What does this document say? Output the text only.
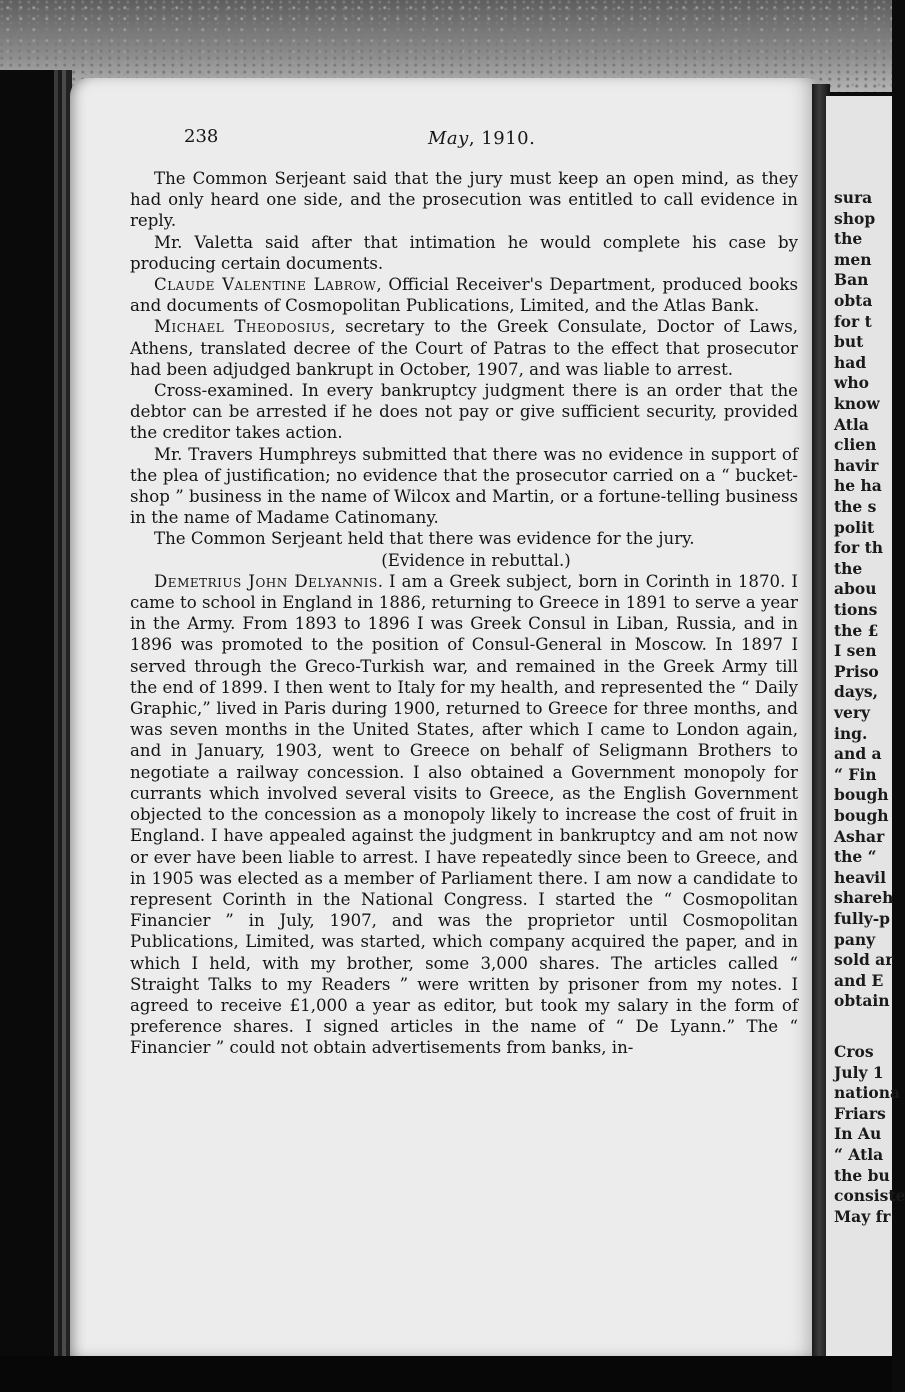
sura
shop
the
men
Ban
obta
for t
but
had
who
know
Atla
clien
havir
he ha
the s
polit
for th
the
abou
tions
the £
I sen
Priso
days,
very
ing.
and a
“ Fin
bough
bough
Ashar
the “
heavil
shareh
fully-p
pany
sold ar
and E
obtain
Cros
July 1
nationa
Friars
In Au
“ Atla
the bu
consiste
May fr
238	May, 1910.

The Common Serjeant said that the jury must keep an open mind, as they had only heard one side, and the prosecution was entitled to call evidence in reply.

Mr. Valetta said after that intimation he would complete his case by producing certain documents.

Claude Valentine Labrow, Official Receiver's Department, produced books and documents of Cosmopolitan Publications, Limited, and the Atlas Bank.

Michael Theodosius, secretary to the Greek Consulate, Doctor of Laws, Athens, translated decree of the Court of Patras to the effect that prosecutor had been adjudged bankrupt in October, 1907, and was liable to arrest.

Cross-examined. In every bankruptcy judgment there is an order that the debtor can be arrested if he does not pay or give sufficient security, provided the creditor takes action.

Mr. Travers Humphreys submitted that there was no evidence in support of the plea of justification; no evidence that the prosecutor carried on a “ bucket-shop ” business in the name of Wilcox and Martin, or a fortune-telling business in the name of Madame Catinomany.

The Common Serjeant held that there was evidence for the jury.

(Evidence in rebuttal.)

Demetrius John Delyannis. I am a Greek subject, born in Corinth in 1870. I came to school in England in 1886, returning to Greece in 1891 to serve a year in the Army. From 1893 to 1896 I was Greek Consul in Liban, Russia, and in 1896 was promoted to the position of Consul-General in Moscow. In 1897 I served through the Greco-Turkish war, and remained in the Greek Army till the end of 1899. I then went to Italy for my health, and represented the “ Daily Graphic,” lived in Paris during 1900, returned to Greece for three months, and was seven months in the United States, after which I came to London again, and in January, 1903, went to Greece on behalf of Seligmann Brothers to negotiate a railway concession. I also obtained a Government monopoly for currants which involved several visits to Greece, as the English Government objected to the concession as a monopoly likely to increase the cost of fruit in England. I have appealed against the judgment in bankruptcy and am not now or ever have been liable to arrest. I have repeatedly since been to Greece, and in 1905 was elected as a member of Parliament there. I am now a candidate to represent Corinth in the National Congress. I started the “ Cosmopolitan Financier ” in July, 1907, and was the proprietor until Cosmopolitan Publications, Limited, was started, which company acquired the paper, and in which I held, with my brother, some 3,000 shares. The articles called “ Straight Talks to my Readers ” were written by prisoner from my notes. I agreed to receive £1,000 a year as editor, but took my salary in the form of preference shares. I signed articles in the name of “ De Lyann.” The “ Financier ” could not obtain advertisements from banks, in-
